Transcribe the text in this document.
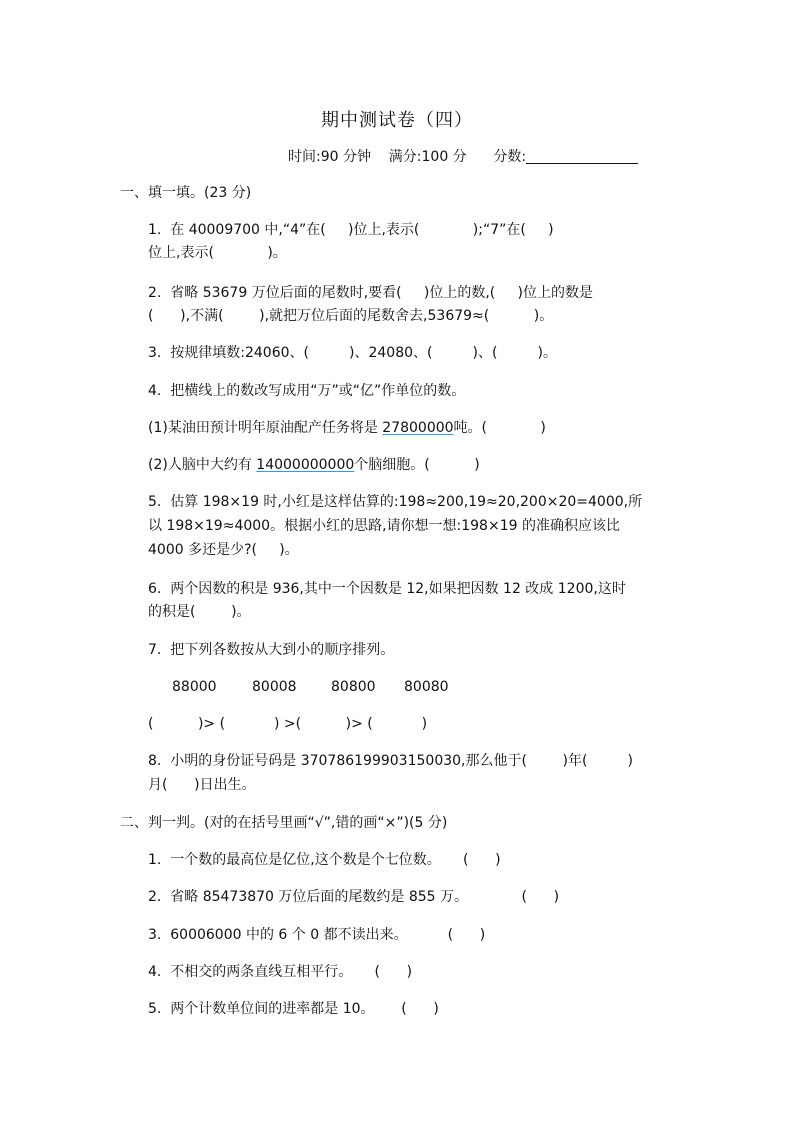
期中测试卷（四）
时间:90 分钟 满分:100 分 分数:
一、填一填。(23 分)
1.  在 40009700 中,“4”在(     )位上,表示(            );“7”在(     )
位上,表示(            )。
2.  省略 53679 万位后面的尾数时,要看(     )位上的数,(     )位上的数是
(      ),不满(        ),就把万位后面的尾数舍去,53679≈(          )。
3.  按规律填数:24060、(         )、24080、(         )、(         )。
4.  把横线上的数改写成用“万”或“亿”作单位的数。
(1)某油田预计明年原油配产任务将是 27800000吨。(            )
(2)人脑中大约有 14000000000个脑细胞。(          )
5.  估算 198×19 时,小红是这样估算的:198≈200,19≈20,200×20=4000,所
以 198×19≈4000。根据小红的思路,请你想一想:198×19 的准确积应该比
4000 多还是少?(     )。
6.  两个因数的积是 936,其中一个因数是 12,如果把因数 12 改成 1200,这时
的积是(        )。
7.  把下列各数按从大到小的顺序排列。
88000	80008 80800 80080
(          )> (           ) >(          )> (           )
8.  小明的身份证号码是 370786199903150030,那么他于(        )年(         )
月(      )日出生。
二、判一判。(对的在括号里画“√”,错的画“×”)(5 分)
1.  一个数的最高位是亿位,这个数是个七位数。     (      )
2.  省略 85473870 万位后面的尾数约是 855 万。            (      )
3.  60006000 中的 6 个 0 都不读出来。         (      )
4.  不相交的两条直线互相平行。     (      )
5.  两个计数单位间的进率都是 10。      (      )
